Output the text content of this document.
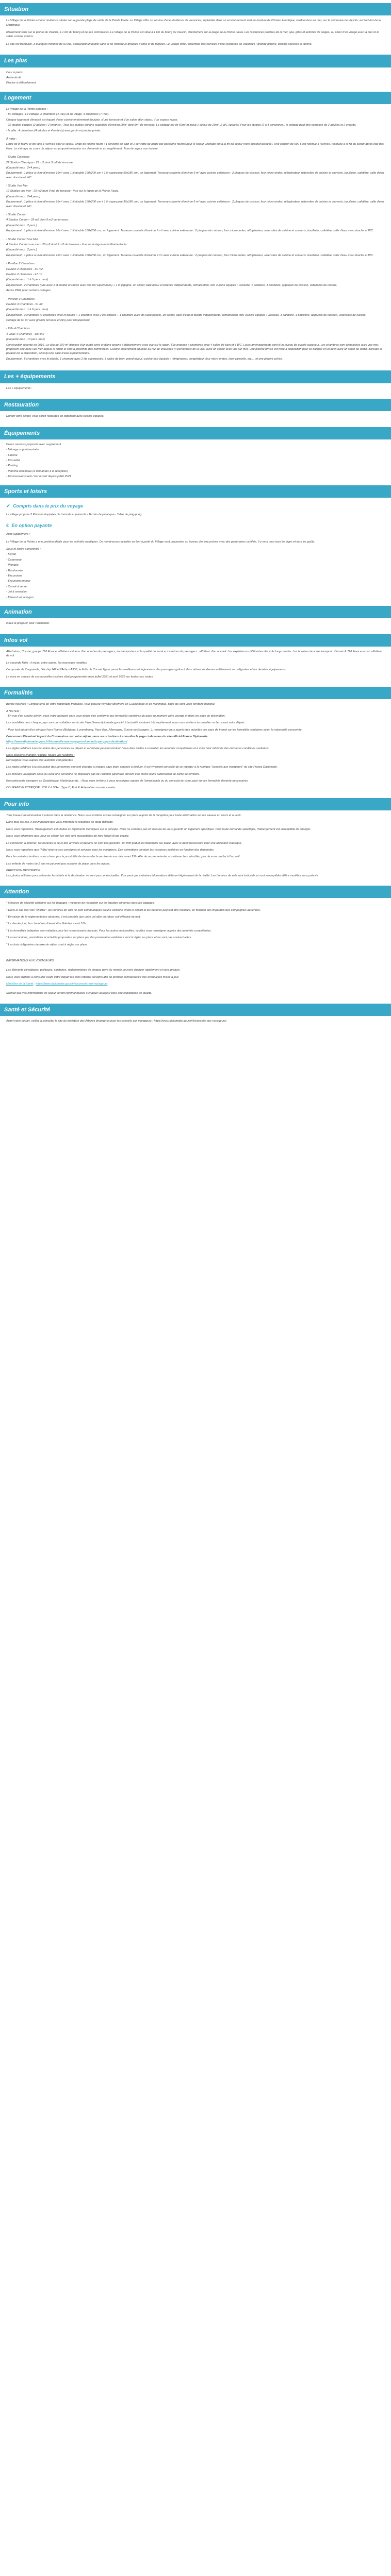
Situation

Le Village de la Pointe est une résidence située sur la grande plage de sable de la Pointe Faula. Le Village offre un service d'une résidence de vacances, implantée dans un environnement vert en bordure de l'Océan Atlantique, verdoie face en mer, sur la commune du Vauclin, au Sud-Est de la Martinique.

Idéalement situé sur la pointe du Vauclin, à 1 km du bourg et de ses commerces, Le Village de la Pointe est situé à 1 km du bourg du Vauclin, directement sur la plage de la Pointe Faula. Les résidences proches de la mer, spa, gîtes et activités de plages, au cœur d'un village avec la mer et le sable comme voisins.

Le site est tranquille, à quelques minutes de la ville, accueillant un public varié et de nombreux groupes d'amis et de familles. Le Village offre l'ensemble des services d'une résidence de vacances : grande piscine, parking sécurisé et laverie.

Les plus

Cour à pieds

Authenticité

Piscine à débordement

Logement

Le Village de la Pointe propose :

- 80 cottages : Le cottage, 2 chambres (4 Pax) et au village, 3 chambres (7 Pax).

Chaque logement climatisé est équipé d'une cuisine entièrement équipée, d'une terrasse et d'un salon, d'un séjour, d'un espace repas.

- 22 studios équipés (2 adultes / 2 enfants) : Tous les studios ont une superficie d'environ 29m² dont 9m² de terrasse. Le cottage est de 60m² et inclut 1 séjour de 20m², 2 WC séparés. Pour les studios (2 à 4 personnes), le cottage peut être composé de 2 adultes et 2 enfants.

- le villa : 4 chambres (4 adultes et 4 enfants) avec jardin et piscine privée.

À noter :

Linge de lit fourni et lits faits à l'arrivée pour le séjour. Linge de toilette fourni : 1 serviette de bain et 1 serviette de plage par personne fournis pour le séjour. Ménage fait à la fin du séjour (hors cuisine/vaisselle). Une caution de 500 € est retenue à l'arrivée, restituée à la fin du séjour après état des lieux. Le ménage au cours du séjour est proposé en option sur demande et en supplément. Taxe de séjour non incluse.

- Studio Classique

22 Studios Classique - 29 m2 dont 9 m2 de terrasse.

(Capacité max : 2+4 pers.)

Équipement : 1 pièce à vivre d'environ 16m² avec 1 lit double 160x200 cm + 1 lit superposé 90x180 cm ; un logement. Terrasse couverte d'environ 9 m² avec cuisine extérieure : 2 plaques de cuisson, four micro-ondes, réfrigérateur, ustensiles de cuisine et couverts, bouilloire, cafetière, salle d'eau avec douche et WC.

- Studio Vue Mer

12 Studios vue mer - 29 m2 dont 9 m2 de terrasse - Vue sur le lagon de la Pointe Faula.

(Capacité max : 2+4 pers.)

Équipement : 1 pièce à vivre d'environ 16m² avec 1 lit double 160x200 cm + 1 lit superposé 90x180 cm ; un logement. Terrasse couverte d'environ 9 m² avec cuisine extérieure : 2 plaques de cuisson, four micro-ondes, réfrigérateur, ustensiles de cuisine et couverts, bouilloire, cafetière, salle d'eau avec douche et WC.

- Studio Confort

4 Studios Confort - 29 m2 dont 9 m2 de terrasse.

(Capacité max : 2 pers.)

Équipement : 1 pièce à vivre d'environ 16m² avec 1 lit double 160x200 cm ; un logement. Terrasse couverte d'environ 9 m² avec cuisine extérieure : 2 plaques de cuisson, four micro-ondes, réfrigérateur, ustensiles de cuisine et couverts, bouilloire, cafetière, salle d'eau avec douche et WC.

- Studio Confort Vue Mer

4 Studios Confort vue mer - 29 m2 dont 9 m2 de terrasse - Vue sur le lagon de la Pointe Faula.

(Capacité max : 2 pers.)

Équipement : 1 pièce à vivre d'environ 16m² avec 1 lit double 160x200 cm ; un logement. Terrasse couverte d'environ 9 m² avec cuisine extérieure : 2 plaques de cuisson, four micro-ondes, réfrigérateur, ustensiles de cuisine et couverts, bouilloire, cafetière, salle d'eau avec douche et WC.

- Pavillon 2 Chambres

Pavillon 2 chambres - 60 m2

Pavillon 2 chambres - 47 m²

(Capacité max : 1 à 5 pers. max)

Équipement : 2 chambres (une avec 1 lit double et l'autre avec des lits superposés) + 1 lit gigogne, un séjour salle d'eau et toilettes indépendants, climatisation, wifi, cuisine équipée : vaisselle, 1 cafetière, 1 bouilloire, appareils de cuisson, ustensiles de cuisine.

Accès PMR pour certains cottages.

- Pavillon 3 Chambres

Pavillon 3 Chambres - 51 m²

(Capacité max : 1 à 6 pers. max)

Équipement : 3 chambres (2 chambres avec lit double + 1 chambre avec 2 lits simples + 1 chambre avec lits superposés), un séjour, salle d'eau et toilette indépendants, climatisation, wifi, cuisine équipée : vaisselle, 1 cafetière, 1 bouilloire, appareils de cuisson, ustensiles de cuisine.

Cottage de 60 m² avec grande terrasse et lit(s) pour l'équipement.

- Villa 4 Chambres

4 Villas 4 Chambres - 100 m2

(Capacité max : 10 pers. max)

Construction récente en 2016. La villa de 100 m² dispose d'un jardin privé et d'une piscine à débordement avec vue sur le lagon. Elle propose 4 chambres avec 4 salles de bain et 4 WC. Leurs aménagements sont d'un niveau de qualité supérieur. Les chambres sont climatisées avec vue mer, proposent une belle vue mer depuis le jardin et sont à proximité des commerces. Cuisine entièrement équipée au rez-de-chaussée (4 personnes) de la villa, avec un séjour avec vue sur mer. Une piscine privée est mise à disposition pour se baigner et un deck avec un salon de jardin, transats et parasol est à disposition, ainsi qu'une salle d'eau supplémentaire.

Équipement : 5 chambres avec lit double, 1 chambre avec 2 lits superposés, 3 salles de bain, grand séjour, cuisine tout équipée : réfrigérateur, congélateur, four micro-ondes, lave-vaisselle, etc..., et une piscine privée.

Les + équipements

Les + équipements :

Restauration

Durant votre séjour, vous serez hébergés en logement avec cuisine équipée.

Équipements

Divers services proposés avec supplément :

- Ménage supplémentaire

- Laverie

- Kits bébé

- Parking

- Plancha électrique (à demander à la réception)

- Un nouveau snack / bar ouvert depuis juillet 2021

Sports et loisirs
✔ Compris dans le prix du voyage

Le village propose 2 Piscines équipées de transats et parasols - Terrain de pétanque - Table de ping-pong

€ En option payante

Avec supplément :

Le Village de la Pointe a une position idéale pour les activités nautiques. De nombreuses activités se font à partir du Village sont proposées au bureau des excursions avec des partenaires certifiés. Il y en a pour tous les âges et tous les goûts.

Sous et loisirs à proximité :

- Kayak

- Catamaran

- Plongée

- Randonnée

- Excursions

- Excursion en mer

- Canoë à vente

- Jet à sensation

- Kitesurf sur le lagon

Animation

Il faut la préparer pour l'animation.

Infos vol

Aller/retour, Corsair, groupe TUI France, affréteur est tenu d'un nombre de passagers, au transporteur et la qualité du service, Le retour de passagers : affréteur d'un accueil. Les expériences différentes des vols long courrier. Les horaires de votre transport : Corsair & TUI France est un affréteur de vol.

La seconde flotte : il inclut, entre autres, les nouveaux modèles.

Composée de 7 appareils, l'Airship 747 et l'Airbus A330, la flotte de Corsair figure parmi les meilleures et la jeunesse des passagers grâce à des cabines modernes entièrement reconfigurées et les derniers équipements.

La mise en service de ces nouvelles cabines était programmée entre juillet 2021 et avril 2022 sur toutes ses routes.

Formalités

Bonne nouvelle : Compte tenu de votre nationalité française, vous pouvez voyager librement en Guadeloupe et en Martinique, pays qui sont votre territoire national.

A NOTER :

- En vue d'un arrivée aérien, vous votre aéroport vous vous devez être conforme aux formalités sanitaires du pays au moment votre voyage et dans les pays de destination.

Les modalités pour chaque pays sont consultables sur le site https://www.diplomatie.gouv.fr/. L'actualité évoluant très rapidement, nous vous invitons à consulter ce lien avant votre départ.

- Pour tout départ d'un aéroport hors France (Belgique, Luxembourg, Pays-Bas, Allemagne, Suisse ou Espagne...), renseignez-vous auprès des autorités des pays de transit sur les formalités sanitaires selon la nationalité concernée.

Concernant l'éventuel impact du Coronavirus sur votre séjour, nous vous invitons à consulter la page ci-dessous du site officiel France Diplomatie

https://www.diplomatie.gouv.fr/fr/conseils-aux-voyageurs/conseils-par-pays-destination/

Les règles relatives à la circulation des personnes au départ et à l'arrivée peuvent évoluer. Vous êtes invités à consulter les autorités compétentes et à vous tenir informés des dernières conditions sanitaires.

Nous pouvons changer l'équipe, toutes vos relations :

Renseignez-vous auprès des autorités compétentes.

Les règles relatives à la circulation des personnes peuvent changer à chaque pays étant amenés à évoluer. Il est vivement conseillé de se reporter à la rubrique "conseils aux voyageurs" du site France Diplomatie.

Les mineurs voyageant seuls ou avec une personne ne disposant pas de l'autorité parentale doivent être munis d'une autorisation de sortie de territoire.

Ressortissants étrangers en Guadeloupe, Martinique etc. : Nous vous invitons à vous renseigner auprès de l'ambassade ou du consulat de votre pays sur les formalités d'entrée nécessaires.

COURANT ÉLECTRIQUE : 230 V à 50Hz. Type C, E et F. Adaptateur non nécessaire.

Pour info

Tous travaux de rénovation à prévoir dans la résidence. Nous vous invitons à vous renseigner sur place auprès de la réception pour toute information sur les travaux en cours et à venir.

Dans tous les cas, il est important que vous informiez la réception de toute difficulté.

Nous vous rappelons, l'hébergement est réalisé en logements identiques sur le principe. Nous ne sommes pas en mesure de vous garantir un logement spécifique. Pour toute demande spécifique, l'hébergement est susceptible de changer.

Nous vous informons que, pour ce séjour, les vols sont susceptibles de faire l'objet d'une escale.

La connexion à Internet, les horaires et lieux des arrivées et départs ne sont pas garantis : un Wifi gratuit est disponible sur place, avec le débit nécessaire pour une utilisation classique.

Nous vous rappelons que l'hôtel réserve ces consignes et services pour les voyageurs. Des animations pendant les vacances scolaires en fonction des demandes.

Pour les arrivées tardives, vous n'avez pas la possibilité de demander la remise de vos clés avant 23h. Afin de ne pas retarder vos démarches, n'oubliez pas de vous rendre à l'accueil.

Les enfants de moins de 2 ans ne peuvent pas occuper de place dans les avions.

PRECISION DESCRIPTIF :

Les photos utilisées pour présenter les hôtels et la destination ne sont pas contractuelles. Il se peut que certaines informations diffèrent légèrement de la réalité. Les horaires de vols sont indicatifs et sont susceptibles d'être modifiés sans préavis.

Attention

* Mesures de sécurité aérienne sur les bagages : mesures de restriction sur les liquides contenus dans les bagages.

* Dans le cas des vols "charter", les horaires de vols ne sont communiqués qu'une semaine avant le départ et les horaires peuvent être modifiés, en fonction des impératifs des compagnies aériennes.

* En raison de la réglementation aérienne, il est possible que votre vol aller ou retour soit effectué de nuit.

* Le dernier jour, les chambres doivent être libérées avant 10h.

* Les formalités indiquées sont valables pour les ressortissants français. Pour les autres nationalités, veuillez vous renseigner auprès des autorités compétentes.

* Les excursions, prestations et activités proposées sur place par des prestataires extérieurs sont à régler sur place et ne sont pas contractuelles.

* Les frais obligatoires de taxe de séjour sont à régler sur place.

INFORMATIONS AUX VOYAGEURS

Les éléments climatiques, politiques, sanitaires, réglementaires de chaque pays du monde peuvent changer rapidement et sans préavis.

Nous vous invitons à consulter avant votre départ les sites Internet suivants afin de prendre connaissance des éventuelles mises à jour.

Ministère de la Santé : https://www.diplomatie.gouv.fr/fr/conseils-aux-voyageurs

Sachez que vos informations de séjour seront communiquées à chaque voyageur pour une exploitation de qualité.

Santé et Sécurité

Avant votre départ, veillez à consulter le site du ministère des Affaires étrangères pour les conseils aux voyageurs : https://www.diplomatie.gouv.fr/fr/conseils-aux-voyageurs/
